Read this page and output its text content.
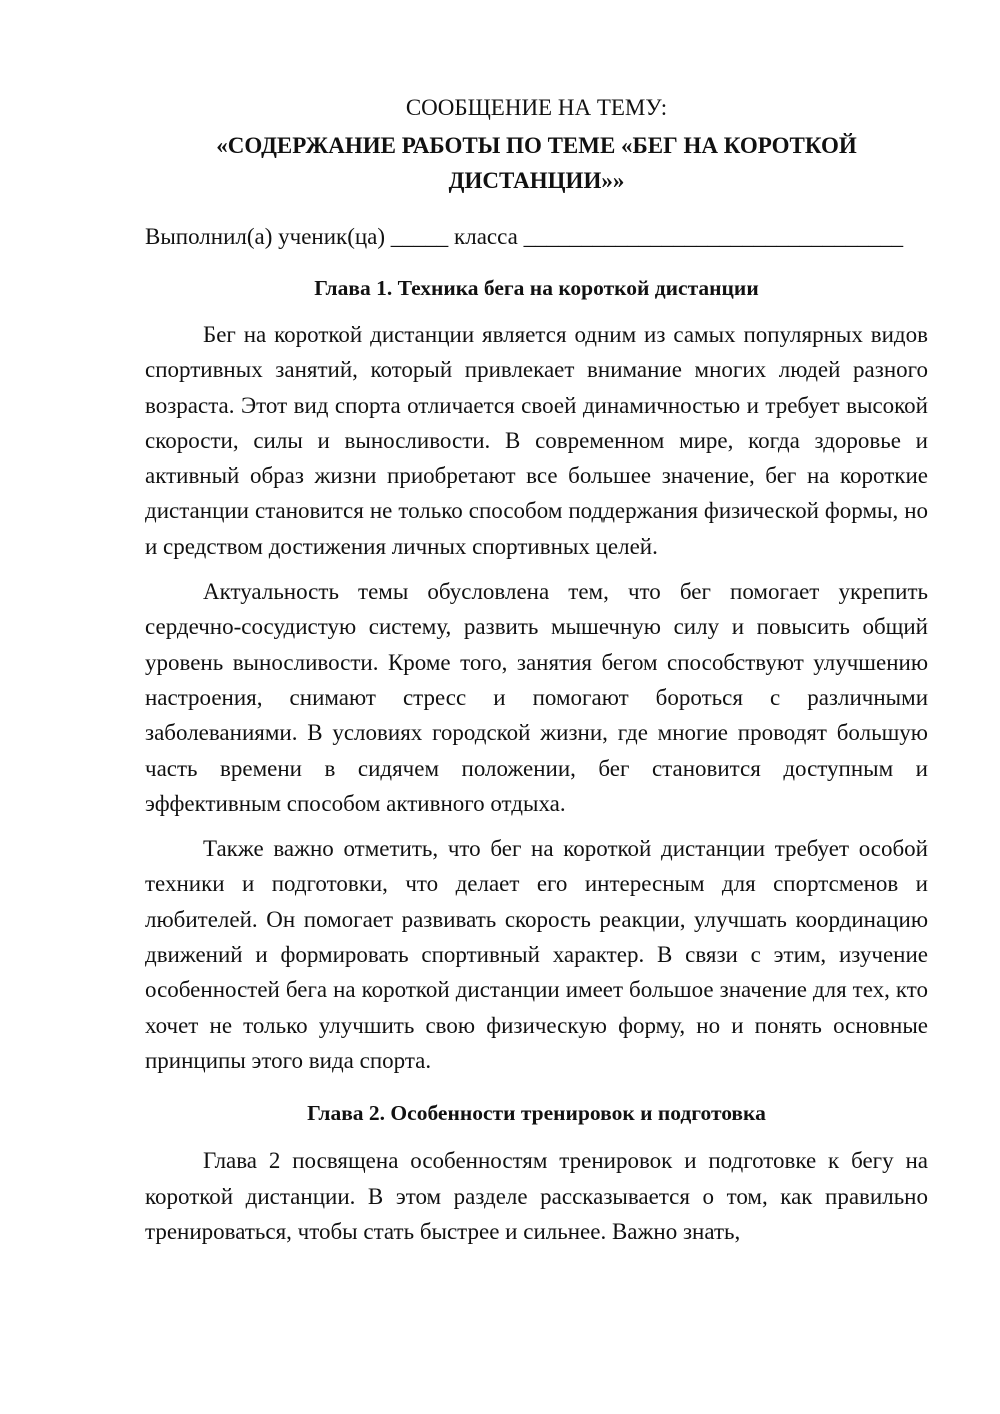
СООБЩЕНИЕ НА ТЕМУ:

«СОДЕРЖАНИЕ РАБОТЫ ПО ТЕМЕ «БЕГ НА КОРОТКОЙ ДИСТАНЦИИ»»

Выполнил(а) ученик(ца) _____ класса _________________________________

Глава 1. Техника бега на короткой дистанции

Бег на короткой дистанции является одним из самых популярных видов спортивных занятий, который привлекает внимание многих людей разного возраста. Этот вид спорта отличается своей динамичностью и требует высокой скорости, силы и выносливости. В современном мире, когда здоровье и активный образ жизни приобретают все большее значение, бег на короткие дистанции становится не только способом поддержания физической формы, но и средством достижения личных спортивных целей.

Актуальность темы обусловлена тем, что бег помогает укрепить сердечно-сосудистую систему, развить мышечную силу и повысить общий уровень выносливости. Кроме того, занятия бегом способствуют улучшению настроения, снимают стресс и помогают бороться с различными заболеваниями. В условиях городской жизни, где многие проводят большую часть времени в сидячем положении, бег становится доступным и эффективным способом активного отдыха.

Также важно отметить, что бег на короткой дистанции требует особой техники и подготовки, что делает его интересным для спортсменов и любителей. Он помогает развивать скорость реакции, улучшать координацию движений и формировать спортивный характер. В связи с этим, изучение особенностей бега на короткой дистанции имеет большое значение для тех, кто хочет не только улучшить свою физическую форму, но и понять основные принципы этого вида спорта.

Глава 2. Особенности тренировок и подготовка

Глава 2 посвящена особенностям тренировок и подготовке к бегу на короткой дистанции. В этом разделе рассказывается о том, как правильно тренироваться, чтобы стать быстрее и сильнее. Важно знать,
